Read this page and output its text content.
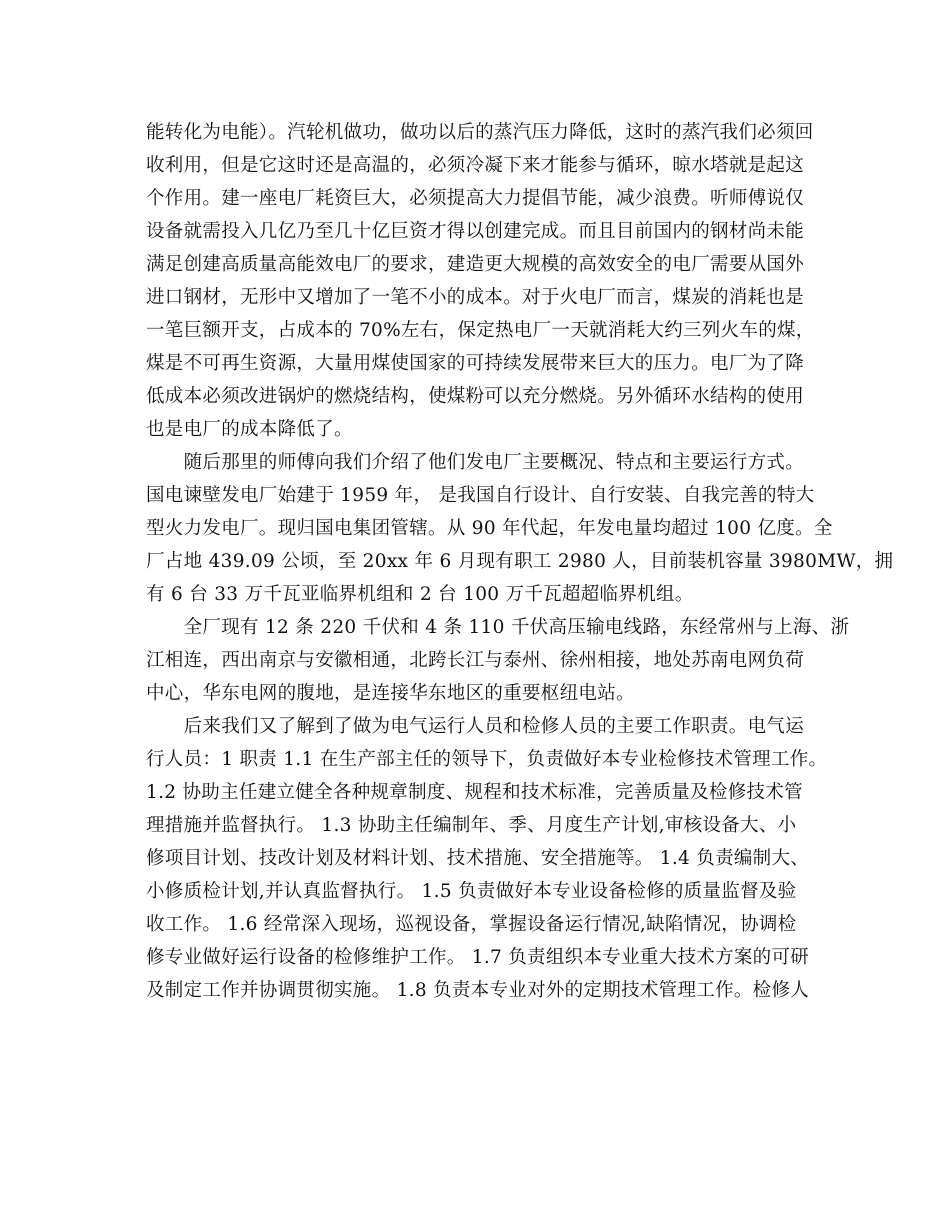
能转化为电能）。汽轮机做功，做功以后的蒸汽压力降低，这时的蒸汽我们必须回
收利用，但是它这时还是高温的，必须冷凝下来才能参与循环，晾水塔就是起这
个作用。建一座电厂耗资巨大，必须提高大力提倡节能，减少浪费。听师傅说仅
设备就需投入几亿乃至几十亿巨资才得以创建完成。而且目前国内的钢材尚未能
满足创建高质量高能效电厂的要求，建造更大规模的高效安全的电厂需要从国外
进口钢材，无形中又增加了一笔不小的成本。对于火电厂而言，煤炭的消耗也是
一笔巨额开支，占成本的 70%左右，保定热电厂一天就消耗大约三列火车的煤，
煤是不可再生资源，大量用煤使国家的可持续发展带来巨大的压力。电厂为了降
低成本必须改进锅炉的燃烧结构，使煤粉可以充分燃烧。另外循环水结构的使用
也是电厂的成本降低了。
　　随后那里的师傅向我们介绍了他们发电厂主要概况、特点和主要运行方式。
国电谏壁发电厂始建于 1959 年， 是我国自行设计、自行安装、自我完善的特大
型火力发电厂。现归国电集团管辖。从 90 年代起，年发电量均超过 100 亿度。全
厂占地 439.09 公顷，至 20xx 年 6 月现有职工 2980 人，目前装机容量 3980MW，拥
有 6 台 33 万千瓦亚临界机组和 2 台 100 万千瓦超超临界机组。
　　全厂现有 12 条 220 千伏和 4 条 110 千伏高压输电线路，东经常州与上海、浙
江相连，西出南京与安徽相通，北跨长江与泰州、徐州相接，地处苏南电网负荷
中心，华东电网的腹地，是连接华东地区的重要枢纽电站。
　　后来我们又了解到了做为电气运行人员和检修人员的主要工作职责。电气运
行人员：1 职责 1.1 在生产部主任的领导下，负责做好本专业检修技术管理工作。
1.2 协助主任建立健全各种规章制度、规程和技术标准，完善质量及检修技术管
理措施并监督执行。 1.3 协助主任编制年、季、月度生产计划,审核设备大、小
修项目计划、技改计划及材料计划、技术措施、安全措施等。 1.4 负责编制大、
小修质检计划,并认真监督执行。 1.5 负责做好本专业设备检修的质量监督及验
收工作。 1.6 经常深入现场，巡视设备，掌握设备运行情况,缺陷情况，协调检
修专业做好运行设备的检修维护工作。 1.7 负责组织本专业重大技术方案的可研
及制定工作并协调贯彻实施。 1.8 负责本专业对外的定期技术管理工作。检修人
